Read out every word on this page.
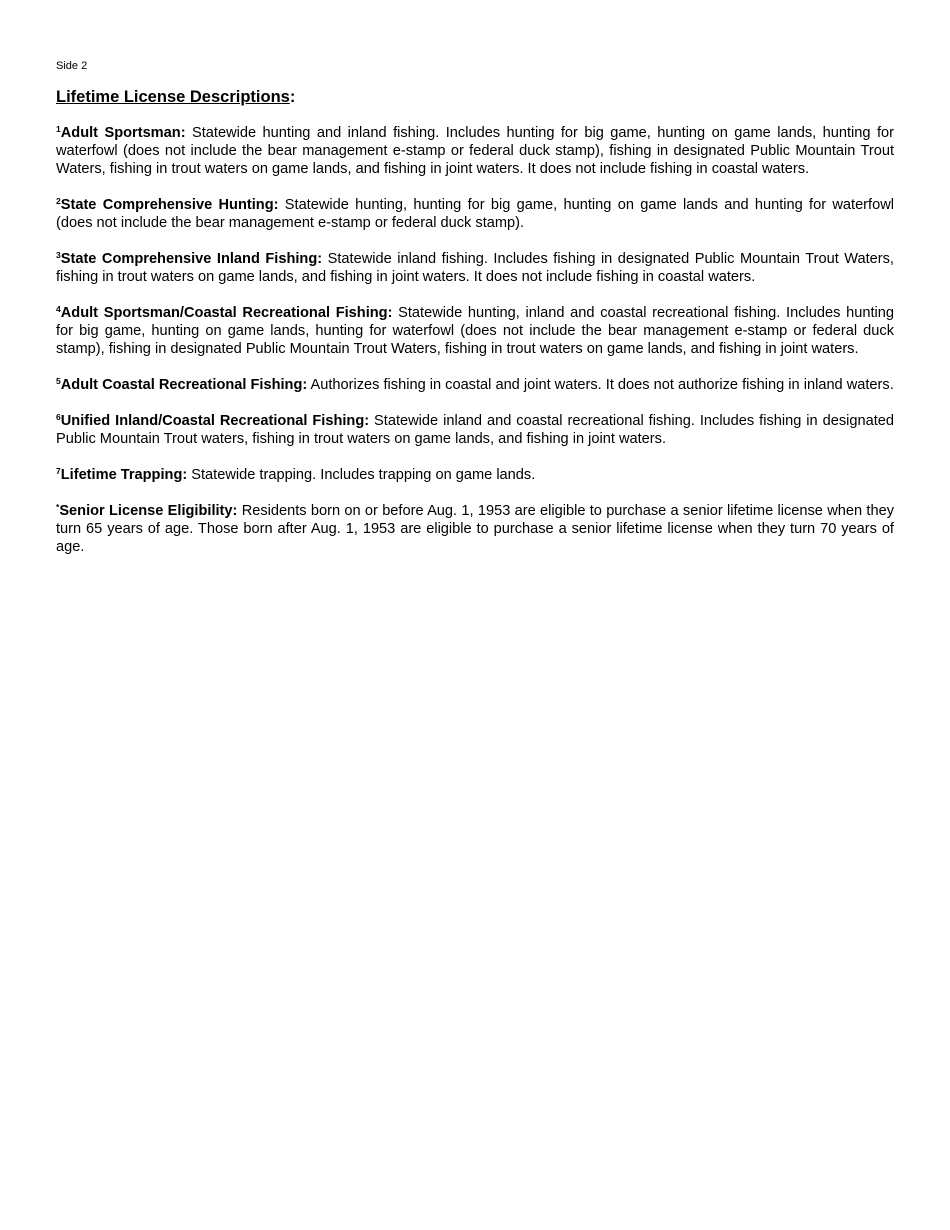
Side 2
Lifetime License Descriptions:

$^1$Adult Sportsman: Statewide hunting and inland fishing. Includes hunting for big game, hunting on game lands, hunting for waterfowl (does not include the bear management e-stamp or federal duck stamp), fishing in designated Public Mountain Trout Waters, fishing in trout waters on game lands, and fishing in joint waters. It does not include fishing in coastal waters.

$^2$State Comprehensive Hunting: Statewide hunting, hunting for big game, hunting on game lands and hunting for waterfowl (does not include the bear management e-stamp or federal duck stamp).

$^3$State Comprehensive Inland Fishing: Statewide inland fishing. Includes fishing in designated Public Mountain Trout Waters, fishing in trout waters on game lands, and fishing in joint waters. It does not include fishing in coastal waters.

$^4$Adult Sportsman/Coastal Recreational Fishing: Statewide hunting, inland and coastal recreational fishing. Includes hunting for big game, hunting on game lands, hunting for waterfowl (does not include the bear management e-stamp or federal duck stamp), fishing in designated Public Mountain Trout Waters, fishing in trout waters on game lands, and fishing in joint waters.

$^5$Adult Coastal Recreational Fishing: Authorizes fishing in coastal and joint waters. It does not authorize fishing in inland waters.

$^6$Unified Inland/Coastal Recreational Fishing: Statewide inland and coastal recreational fishing. Includes fishing in designated Public Mountain Trout waters, fishing in trout waters on game lands, and fishing in joint waters.

$^7$Lifetime Trapping: Statewide trapping. Includes trapping on game lands.

*Senior License Eligibility: Residents born on or before Aug. 1, 1953 are eligible to purchase a senior lifetime license when they turn 65 years of age. Those born after Aug. 1, 1953 are eligible to purchase a senior lifetime license when they turn 70 years of age.
